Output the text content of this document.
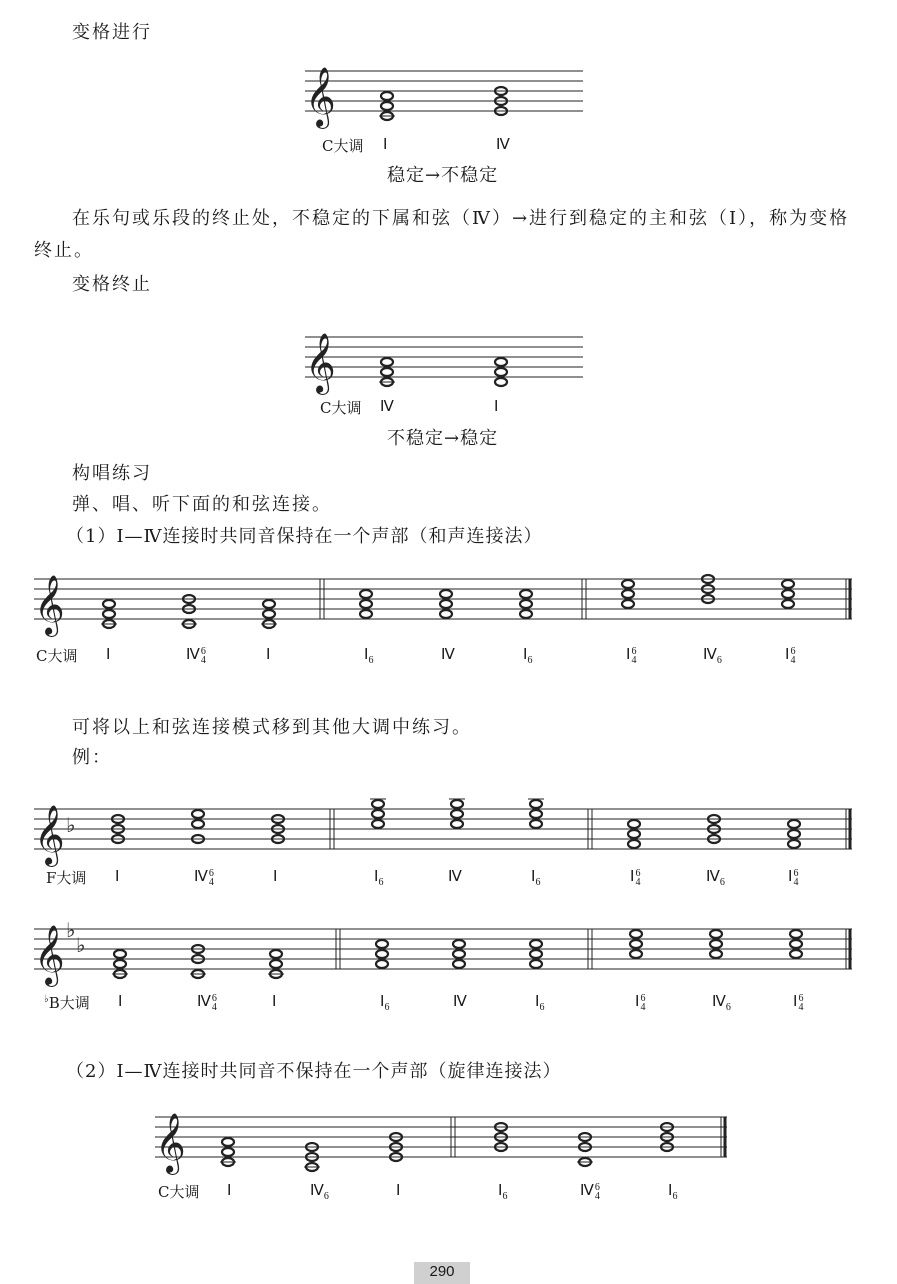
变格进行
𝄞
C大调 Ⅰ	Ⅳ
稳定→不稳定
在乐句或乐段的终止处，不稳定的下属和弦（Ⅳ）→进行到稳定的主和弦（Ⅰ），称为变格终止。
变格终止
𝄞
C大调 Ⅳ	Ⅰ
不稳定→稳定
构唱练习
弹、唱、听下面的和弦连接。
（1）Ⅰ—Ⅳ连接时共同音保持在一个声部（和声连接法）
𝄞
C大调 Ⅰ	Ⅳ 6
4	Ⅰ	$Ⅰ_6$	Ⅳ	$Ⅰ_6$	Ⅰ 6
4	$Ⅳ_6$	Ⅰ 6
4
可将以上和弦连接模式移到其他大调中练习。
例：
𝄞 ♭
F大调 Ⅰ	Ⅳ 6
4	Ⅰ	$Ⅰ_6$	Ⅳ	$Ⅰ_6$	Ⅰ 6
4	$Ⅳ_6$	Ⅰ 6
4
𝄞 ♭
♭
♭B大调 Ⅰ	Ⅳ 6
4	Ⅰ	$Ⅰ_6$	Ⅳ	$Ⅰ_6$	Ⅰ 6
4	$Ⅳ_6$	Ⅰ 6
4
（2）Ⅰ—Ⅳ连接时共同音不保持在一个声部（旋律连接法）
𝄞
C大调 Ⅰ	$Ⅳ_6$	Ⅰ	$Ⅰ_6$	Ⅳ 6
4	$Ⅰ_6$
290
